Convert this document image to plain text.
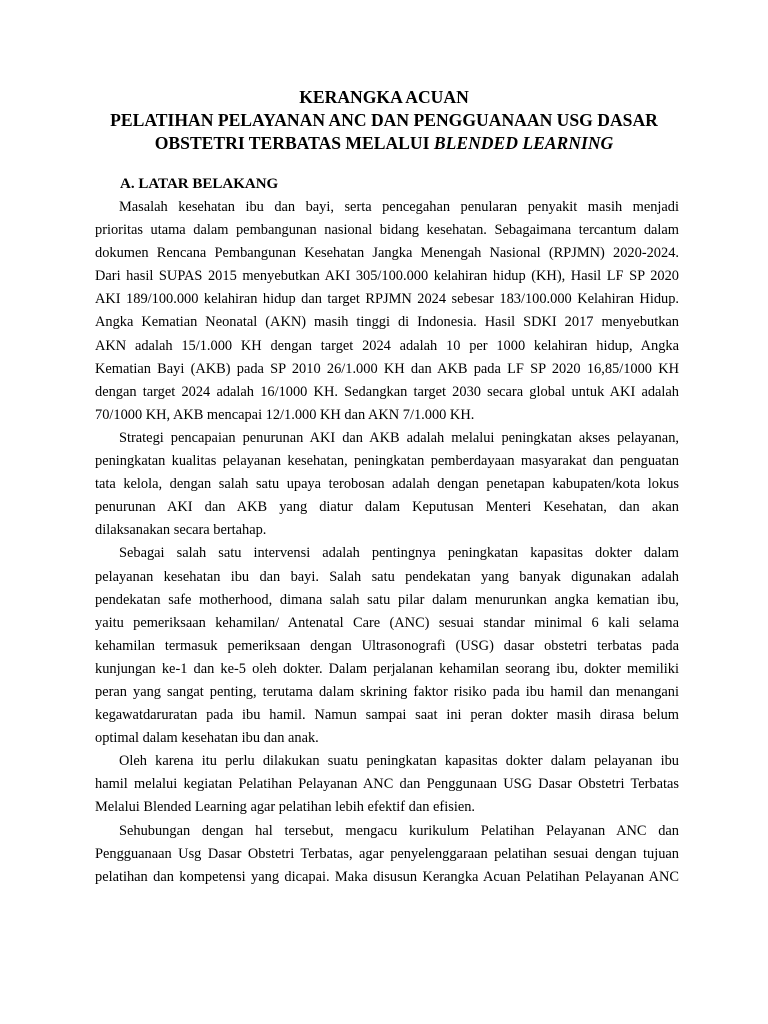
KERANGKA ACUAN
PELATIHAN PELAYANAN ANC DAN PENGGUANAAN USG DASAR
OBSTETRI TERBATAS MELALUI BLENDED LEARNING
A. LATAR BELAKANG
Masalah kesehatan ibu dan bayi, serta pencegahan penularan penyakit masih menjadi
prioritas utama dalam pembangunan nasional bidang kesehatan. Sebagaimana tercantum dalam
dokumen Rencana Pembangunan Kesehatan Jangka Menengah Nasional (RPJMN) 2020-2024.
Dari hasil SUPAS 2015 menyebutkan AKI 305/100.000 kelahiran hidup (KH), Hasil LF SP 2020
AKI 189/100.000 kelahiran hidup dan target RPJMN 2024 sebesar 183/100.000 Kelahiran Hidup.
Angka Kematian Neonatal (AKN) masih tinggi di Indonesia. Hasil SDKI 2017 menyebutkan
AKN adalah 15/1.000 KH dengan target 2024 adalah 10 per 1000 kelahiran hidup, Angka
Kematian Bayi (AKB) pada SP 2010 26/1.000 KH dan AKB pada LF SP 2020 16,85/1000 KH
dengan target 2024 adalah 16/1000 KH. Sedangkan target 2030 secara global untuk AKI adalah
70/1000 KH, AKB mencapai 12/1.000 KH dan AKN 7/1.000 KH.
Strategi pencapaian penurunan AKI dan AKB adalah melalui peningkatan akses pelayanan,
peningkatan kualitas pelayanan kesehatan, peningkatan pemberdayaan masyarakat dan penguatan
tata kelola, dengan salah satu upaya terobosan adalah dengan penetapan kabupaten/kota lokus
penurunan AKI dan AKB yang diatur dalam Keputusan Menteri Kesehatan, dan akan
dilaksanakan secara bertahap.
Sebagai salah satu intervensi adalah pentingnya peningkatan kapasitas dokter dalam
pelayanan kesehatan ibu dan bayi. Salah satu pendekatan yang banyak digunakan adalah
pendekatan safe motherhood, dimana salah satu pilar dalam menurunkan angka kematian ibu,
yaitu pemeriksaan kehamilan/ Antenatal Care (ANC) sesuai standar minimal 6 kali selama
kehamilan termasuk pemeriksaan dengan Ultrasonografi (USG) dasar obstetri terbatas pada
kunjungan ke-1 dan ke-5 oleh dokter. Dalam perjalanan kehamilan seorang ibu, dokter memiliki
peran yang sangat penting, terutama dalam skrining faktor risiko pada ibu hamil dan menangani
kegawatdaruratan pada ibu hamil. Namun sampai saat ini peran dokter masih dirasa belum
optimal dalam kesehatan ibu dan anak.
Oleh karena itu perlu dilakukan suatu peningkatan kapasitas dokter dalam pelayanan ibu
hamil melalui kegiatan Pelatihan Pelayanan ANC dan Penggunaan USG Dasar Obstetri Terbatas
Melalui Blended Learning agar pelatihan lebih efektif dan efisien.
Sehubungan dengan hal tersebut, mengacu kurikulum Pelatihan Pelayanan ANC dan
Pengguanaan Usg Dasar Obstetri Terbatas, agar penyelenggaraan pelatihan sesuai dengan tujuan
pelatihan dan kompetensi yang dicapai. Maka disusun Kerangka Acuan Pelatihan Pelayanan ANC
